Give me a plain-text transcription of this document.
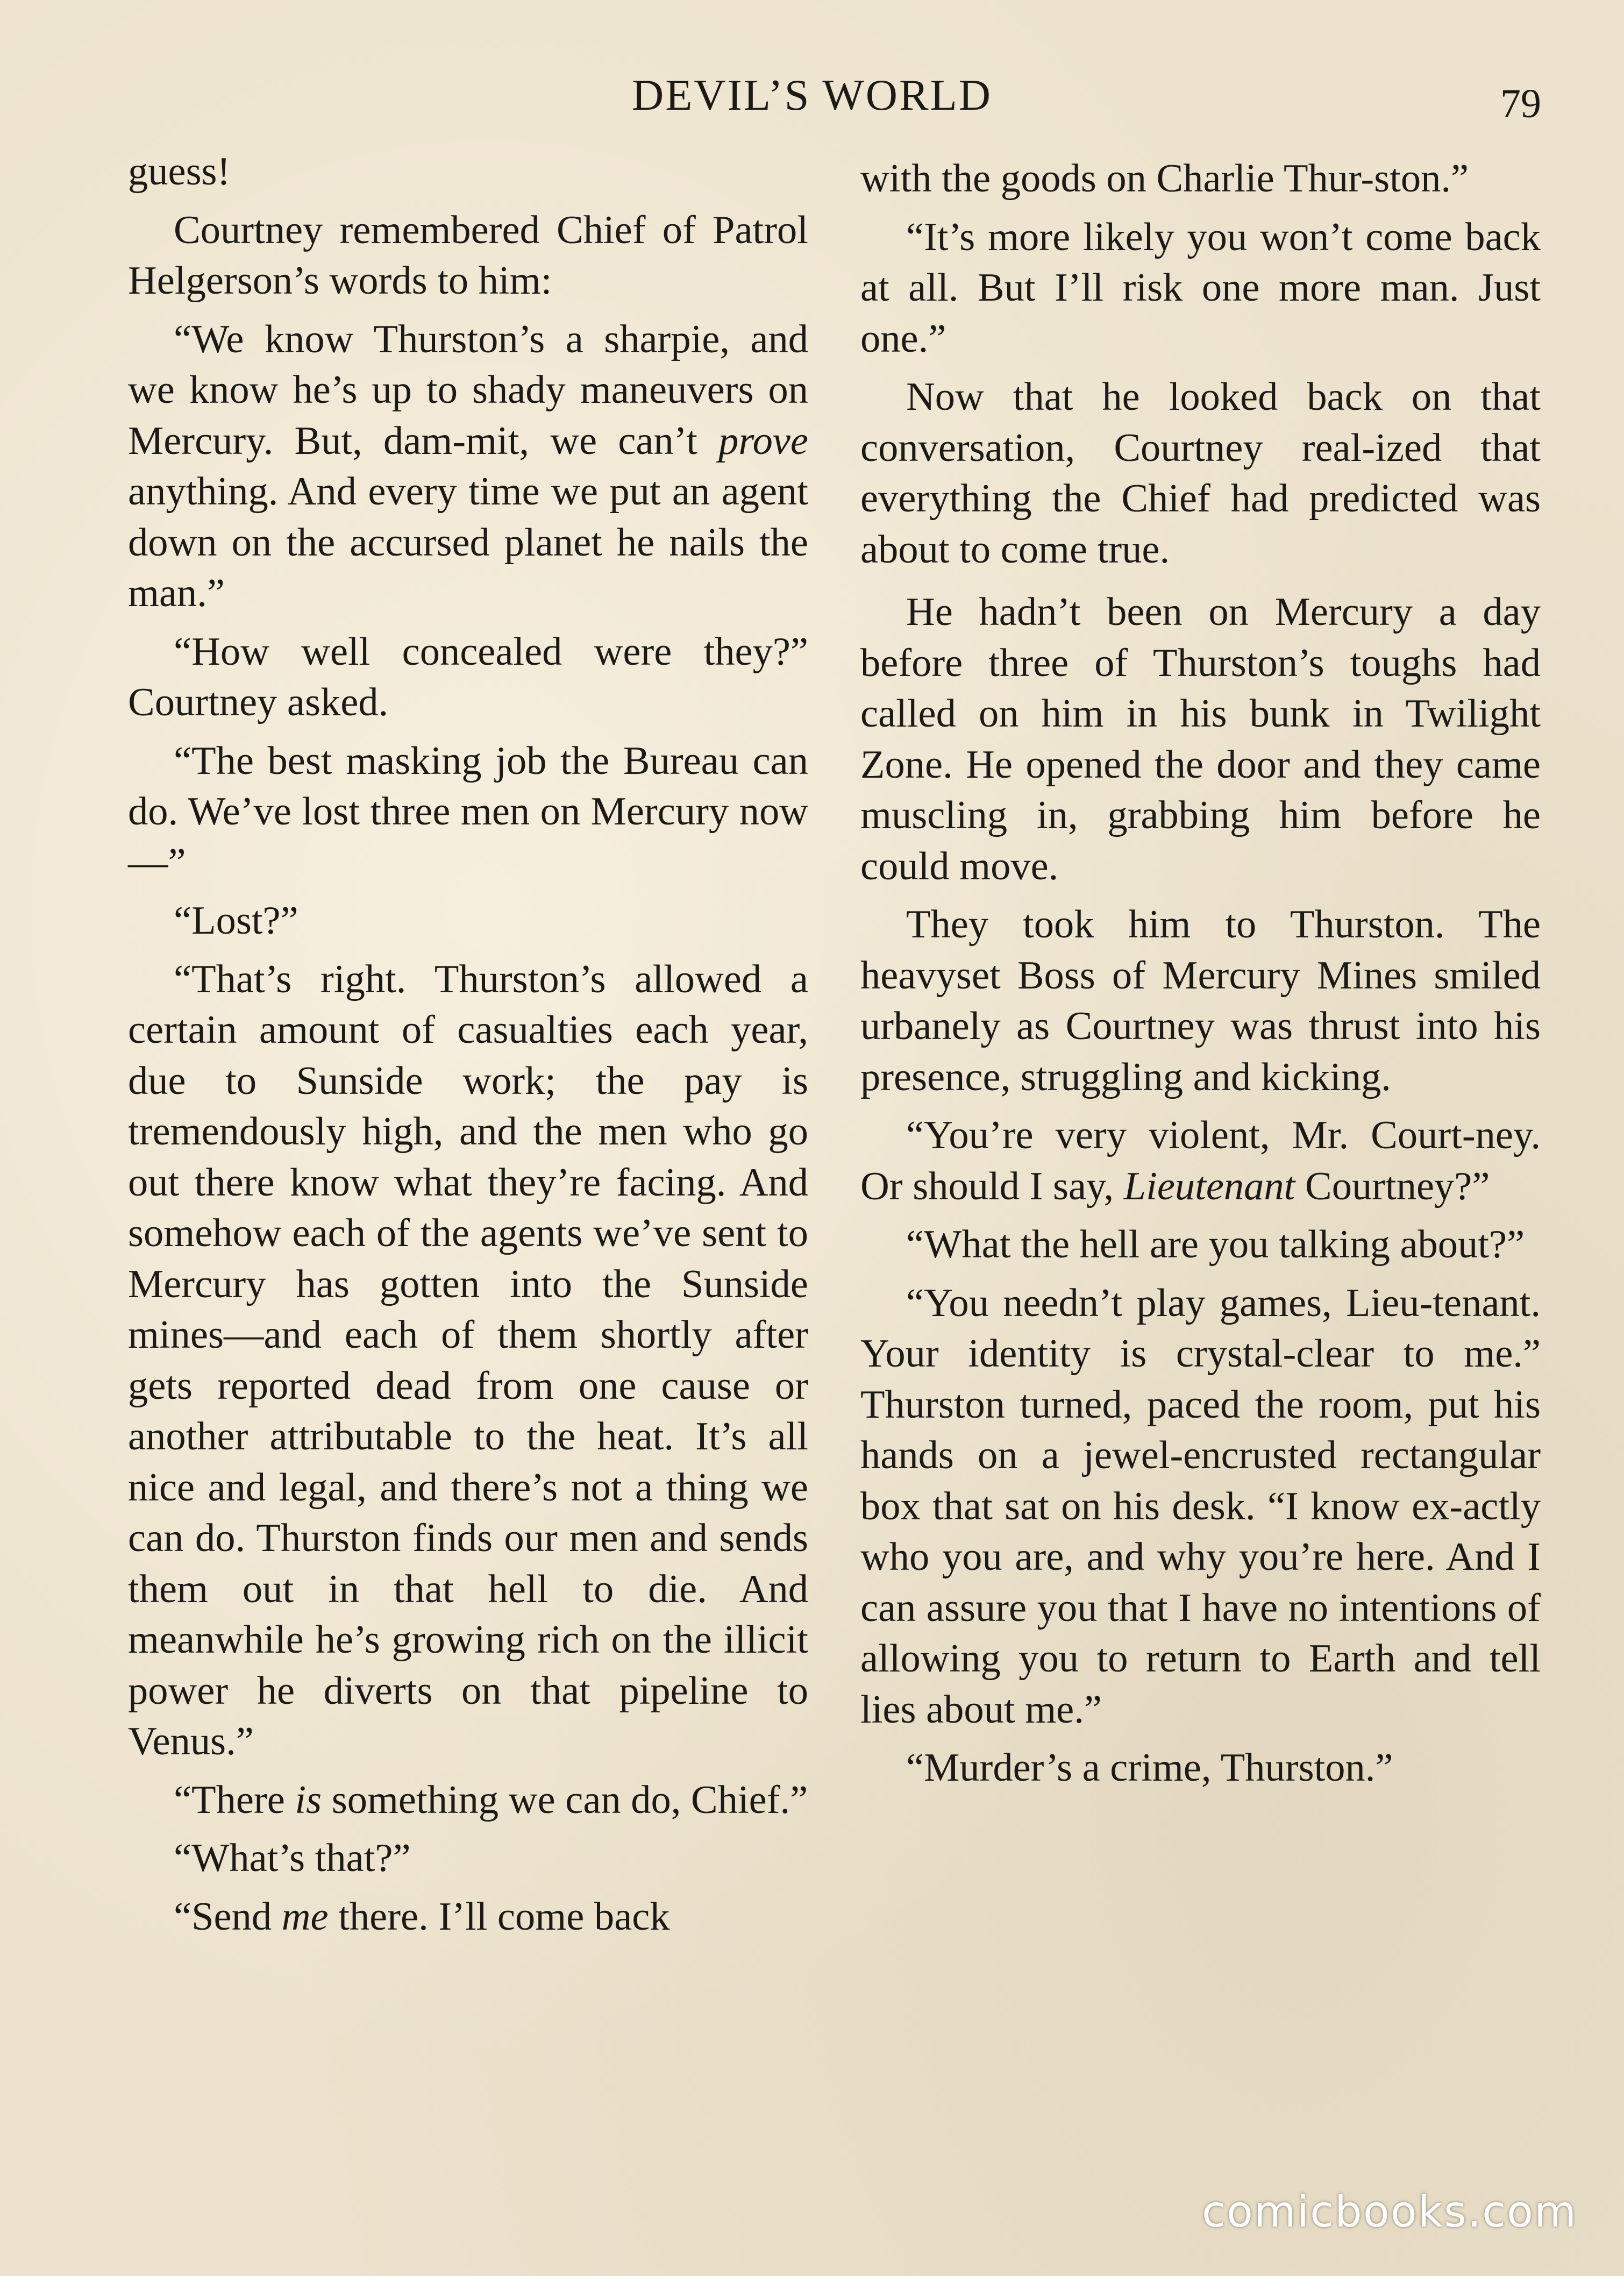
DEVIL’S WORLD	79

guess!

Courtney remembered Chief of Patrol Helgerson’s words to him:

“We know Thurston’s a sharpie, and we know he’s up to shady maneuvers on Mercury. But, dam-mit, we can’t prove anything. And every time we put an agent down on the accursed planet he nails the man.”

“How well concealed were they?” Courtney asked.

“The best masking job the Bureau can do. We’ve lost three men on Mercury now—”

“Lost?”

“That’s right. Thurston’s allowed a certain amount of casualties each year, due to Sunside work; the pay is tremendously high, and the men who go out there know what they’re facing. And somehow each of the agents we’ve sent to Mercury has gotten into the Sunside mines—and each of them shortly after gets reported dead from one cause or another attributable to the heat. It’s all nice and legal, and there’s not a thing we can do. Thurston finds our men and sends them out in that hell to die. And meanwhile he’s growing rich on the illicit power he diverts on that pipeline to Venus.”

“There is something we can do, Chief.”

“What’s that?”

“Send me there. I’ll come back

with the goods on Charlie Thur-ston.”

“It’s more likely you won’t come back at all. But I’ll risk one more man. Just one.”

Now that he looked back on that conversation, Courtney real-ized that everything the Chief had predicted was about to come true.

He hadn’t been on Mercury a day before three of Thurston’s toughs had called on him in his bunk in Twilight Zone. He opened the door and they came muscling in, grabbing him before he could move.

They took him to Thurston. The heavyset Boss of Mercury Mines smiled urbanely as Courtney was thrust into his presence, struggling and kicking.

“You’re very violent, Mr. Court-ney. Or should I say, Lieutenant Courtney?”

“What the hell are you talking about?”

“You needn’t play games, Lieu-tenant. Your identity is crystal-clear to me.” Thurston turned, paced the room, put his hands on a jewel-encrusted rectangular box that sat on his desk. “I know ex-actly who you are, and why you’re here. And I can assure you that I have no intentions of allowing you to return to Earth and tell lies about me.”

“Murder’s a crime, Thurston.”

comicbooks.com
